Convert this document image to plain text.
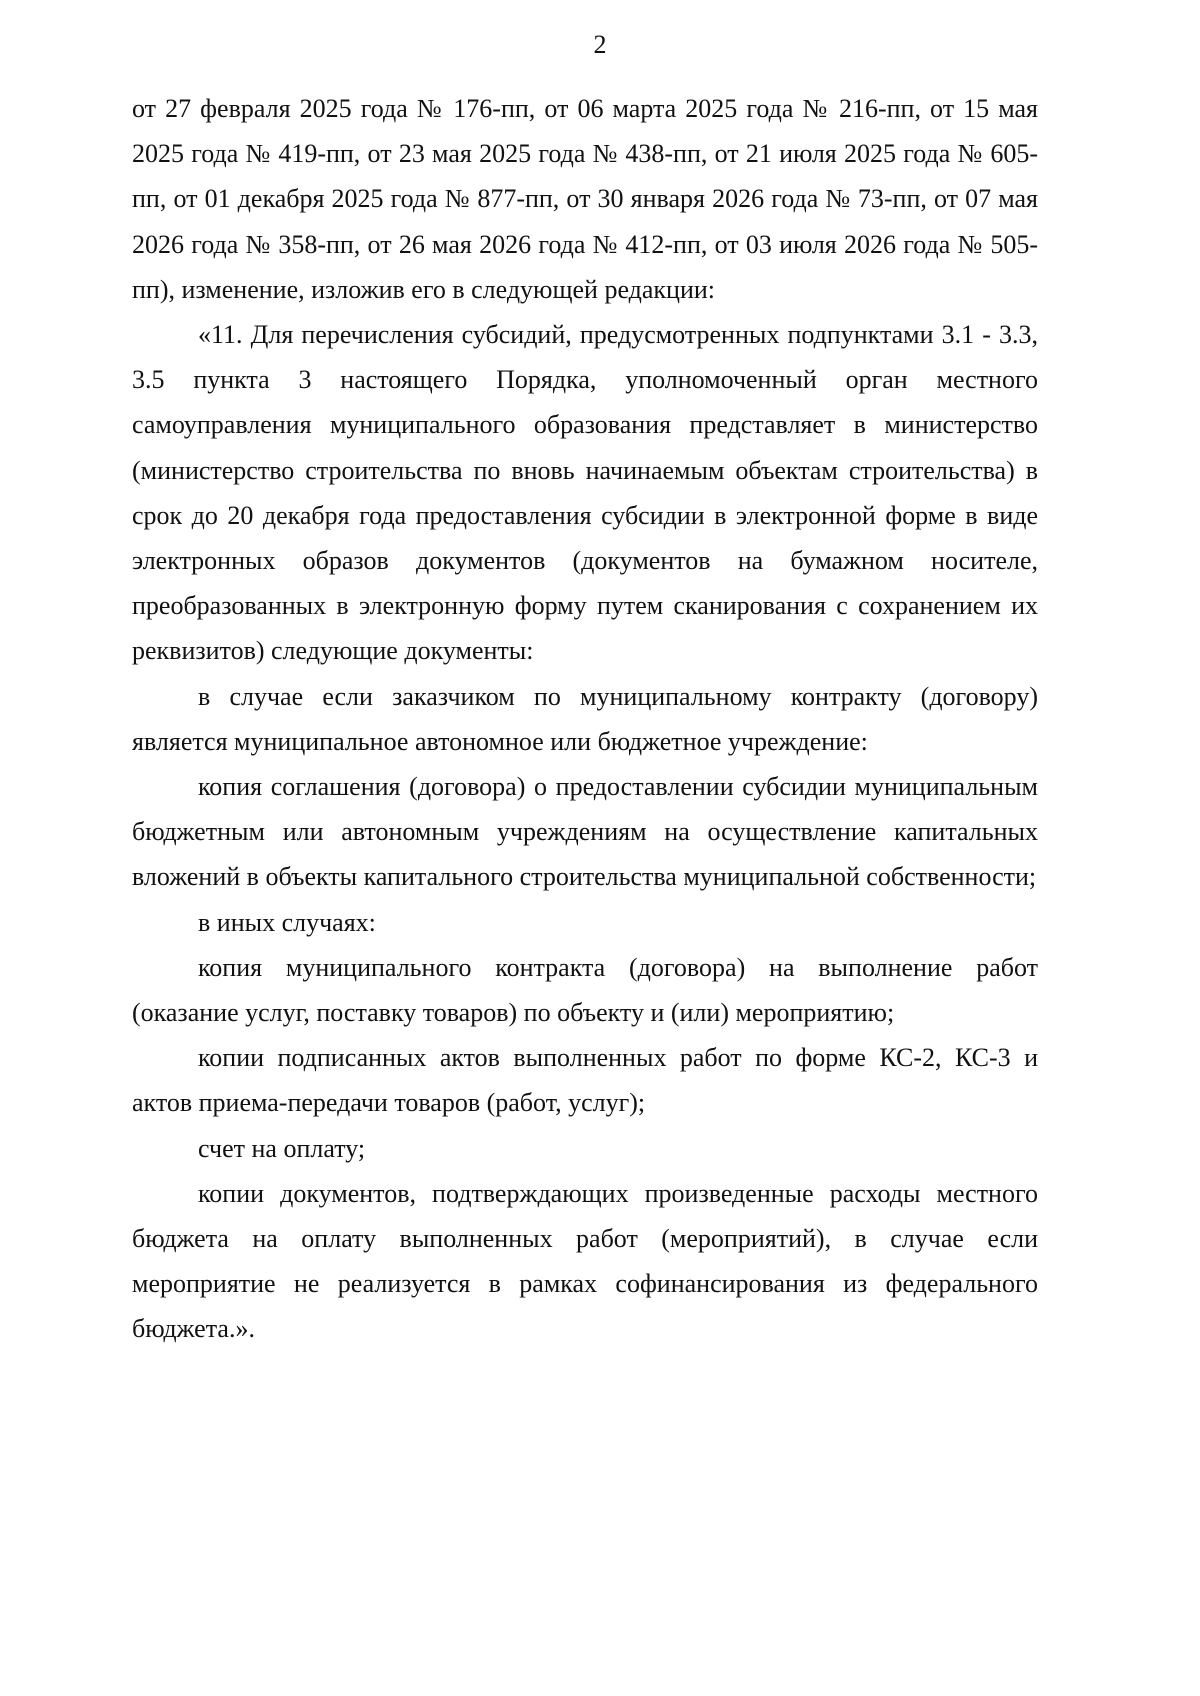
2

от 27 февраля 2025 года № 176-пп, от 06 марта 2025 года № 216-пп, от 15 мая 2025 года № 419-пп, от 23 мая 2025 года № 438-пп, от 21 июля 2025 года № 605-пп, от 01 декабря 2025 года № 877-пп, от 30 января 2026 года № 73-пп, от 07 мая 2026 года № 358-пп, от 26 мая 2026 года № 412-пп, от 03 июля 2026 года № 505-пп), изменение, изложив его в следующей редакции:

«11. Для перечисления субсидий, предусмотренных подпунктами 3.1 - 3.3, 3.5 пункта 3 настоящего Порядка, уполномоченный орган местного самоуправления муниципального образования представляет в министерство (министерство строительства по вновь начинаемым объектам строительства) в срок до 20 декабря года предоставления субсидии в электронной форме в виде электронных образов документов (документов на бумажном носителе, преобразованных в электронную форму путем сканирования с сохранением их реквизитов) следующие документы:

в случае если заказчиком по муниципальному контракту (договору) является муниципальное автономное или бюджетное учреждение:

копия соглашения (договора) о предоставлении субсидии муниципальным бюджетным или автономным учреждениям на осуществление капитальных вложений в объекты капитального строительства муниципальной собственности;

в иных случаях:

копия муниципального контракта (договора) на выполнение работ (оказание услуг, поставку товаров) по объекту и (или) мероприятию;

копии подписанных актов выполненных работ по форме КС-2, КС-3 и актов приема-передачи товаров (работ, услуг);

счет на оплату;

копии документов, подтверждающих произведенные расходы местного бюджета на оплату выполненных работ (мероприятий), в случае если мероприятие не реализуется в рамках софинансирования из федерального бюджета.».
